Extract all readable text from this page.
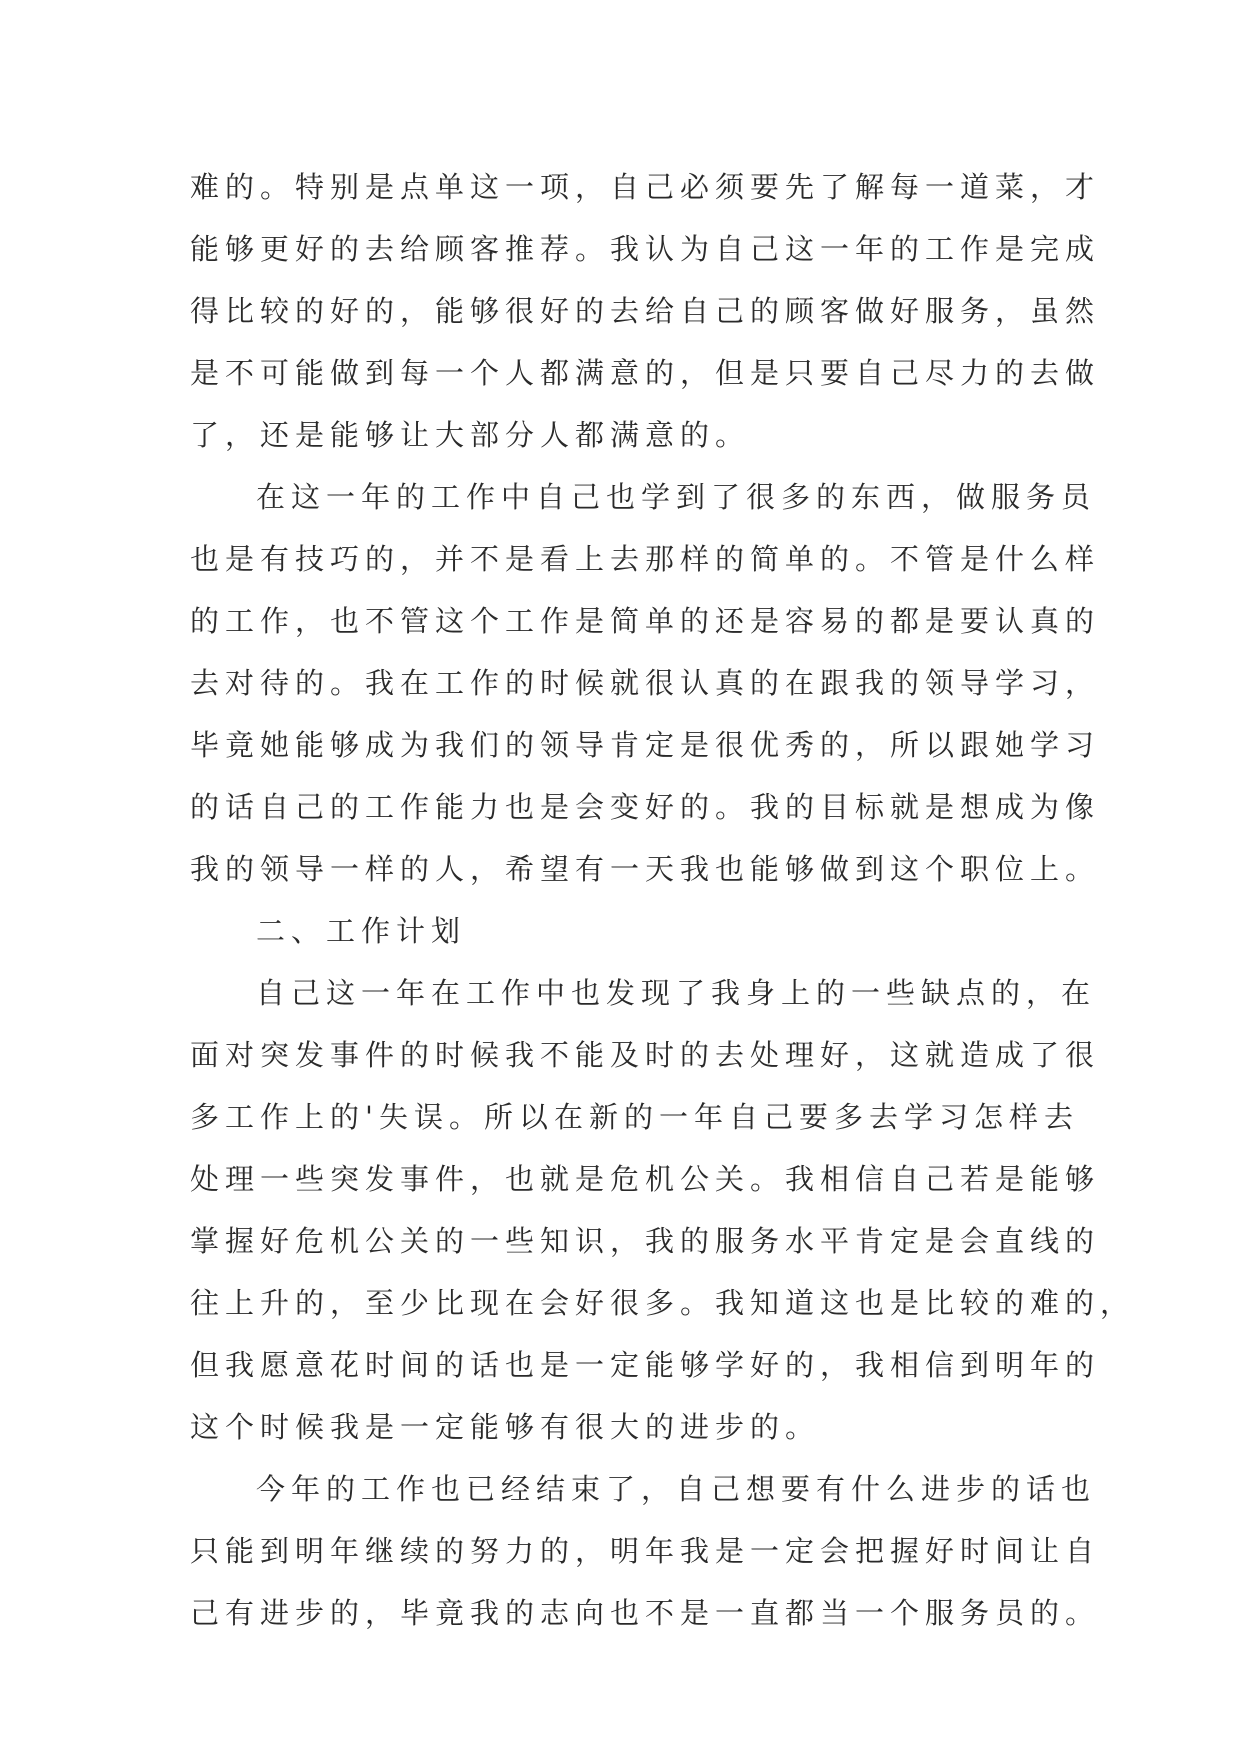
难的。特别是点单这一项，自己必须要先了解每一道菜，才
能够更好的去给顾客推荐。我认为自己这一年的工作是完成
得比较的好的，能够很好的去给自己的顾客做好服务，虽然
是不可能做到每一个人都满意的，但是只要自己尽力的去做
了，还是能够让大部分人都满意的。
在这一年的工作中自己也学到了很多的东西，做服务员
也是有技巧的，并不是看上去那样的简单的。不管是什么样
的工作，也不管这个工作是简单的还是容易的都是要认真的
去对待的。我在工作的时候就很认真的在跟我的领导学习，
毕竟她能够成为我们的领导肯定是很优秀的，所以跟她学习
的话自己的工作能力也是会变好的。我的目标就是想成为像
我的领导一样的人，希望有一天我也能够做到这个职位上。
二、工作计划
自己这一年在工作中也发现了我身上的一些缺点的，在
面对突发事件的时候我不能及时的去处理好，这就造成了很
多工作上的'失误。所以在新的一年自己要多去学习怎样去
处理一些突发事件，也就是危机公关。我相信自己若是能够
掌握好危机公关的一些知识，我的服务水平肯定是会直线的
往上升的，至少比现在会好很多。我知道这也是比较的难的，
但我愿意花时间的话也是一定能够学好的，我相信到明年的
这个时候我是一定能够有很大的进步的。
今年的工作也已经结束了，自己想要有什么进步的话也
只能到明年继续的努力的，明年我是一定会把握好时间让自
己有进步的，毕竟我的志向也不是一直都当一个服务员的。
